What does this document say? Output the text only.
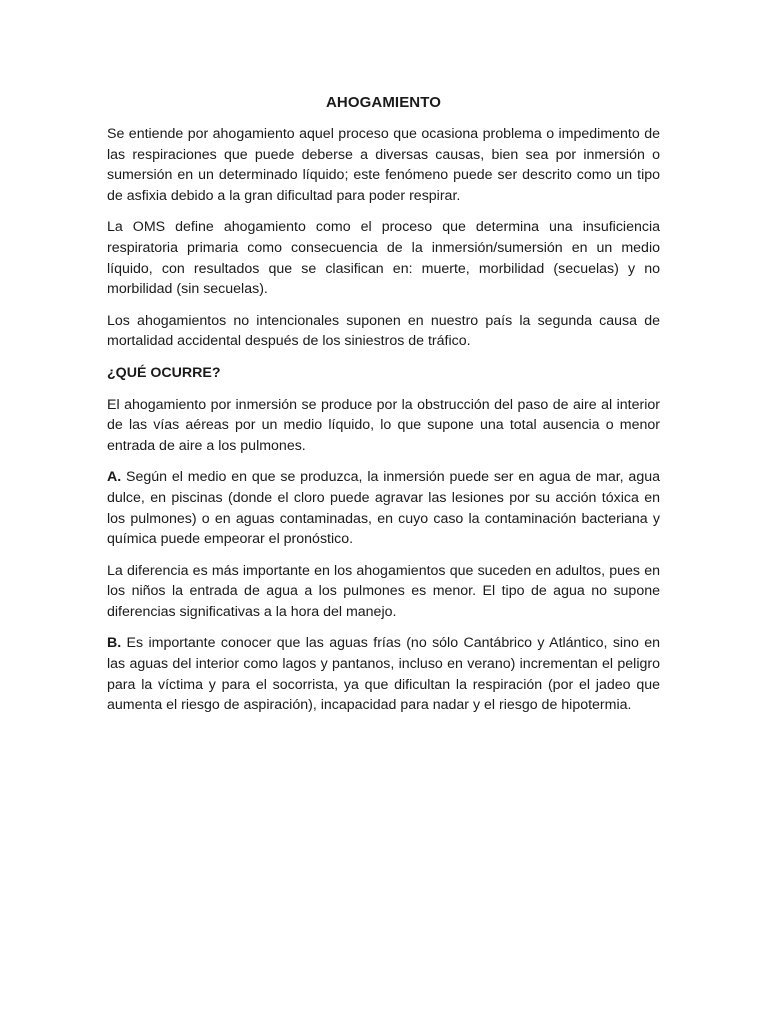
AHOGAMIENTO

Se entiende por ahogamiento aquel proceso que ocasiona problema o impedimento de las respiraciones que puede deberse a diversas causas, bien sea por inmersión o sumersión en un determinado líquido; este fenómeno puede ser descrito como un tipo de asfixia debido a la gran dificultad para poder respirar.

La OMS define ahogamiento como el proceso que determina una insuficiencia respiratoria primaria como consecuencia de la inmersión/sumersión en un medio líquido, con resultados que se clasifican en: muerte, morbilidad (secuelas) y no morbilidad (sin secuelas).

Los ahogamientos no intencionales suponen en nuestro país la segunda causa de mortalidad accidental después de los siniestros de tráfico.

¿QUÉ OCURRE?

El ahogamiento por inmersión se produce por la obstrucción del paso de aire al interior de las vías aéreas por un medio líquido, lo que supone una total ausencia o menor entrada de aire a los pulmones.

A. Según el medio en que se produzca, la inmersión puede ser en agua de mar, agua dulce, en piscinas (donde el cloro puede agravar las lesiones por su acción tóxica en los pulmones) o en aguas contaminadas, en cuyo caso la contaminación bacteriana y química puede empeorar el pronóstico.

La diferencia es más importante en los ahogamientos que suceden en adultos, pues en los niños la entrada de agua a los pulmones es menor. El tipo de agua no supone diferencias significativas a la hora del manejo.

B. Es importante conocer que las aguas frías (no sólo Cantábrico y Atlántico, sino en las aguas del interior como lagos y pantanos, incluso en verano) incrementan el peligro para la víctima y para el socorrista, ya que dificultan la respiración (por el jadeo que aumenta el riesgo de aspiración), incapacidad para nadar y el riesgo de hipotermia.
